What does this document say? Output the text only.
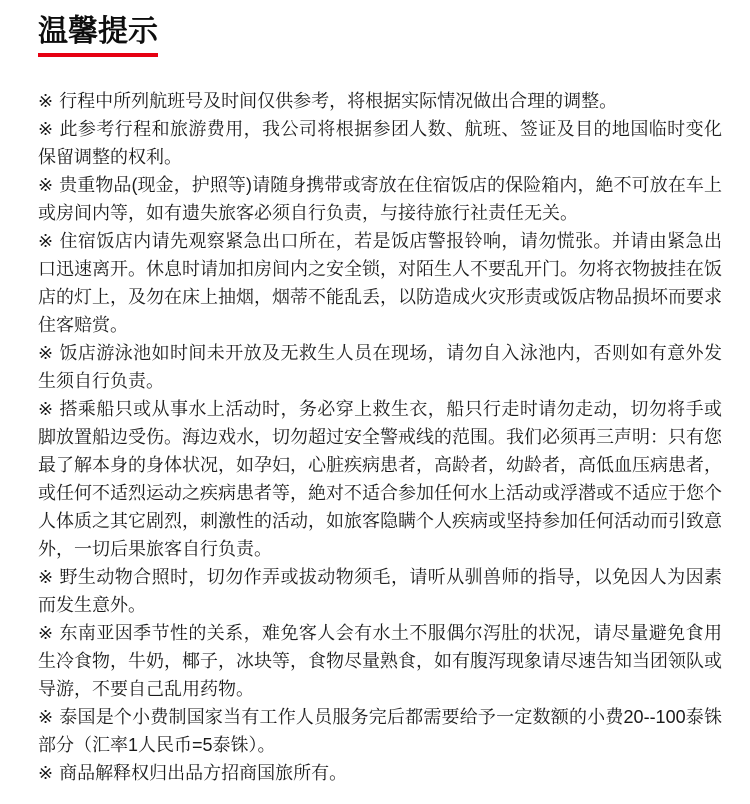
温馨提示

※ 行程中所列航班号及时间仅供参考，将根据实际情况做出合理的调整。

※ 此参考行程和旅游费用，我公司将根据参团人数、航班、签证及目的地国临时变化保留调整的权利。

※ 贵重物品(现金，护照等)请随身携带或寄放在住宿饭店的保险箱内，絶不可放在车上或房间内等，如有遗失旅客必须自行负责，与接待旅行社责任无关。

※ 住宿饭店内请先观察紧急出口所在，若是饭店警报铃响，请勿慌张。并请由紧急出口迅速离开。休息时请加扣房间内之安全锁，对陌生人不要乱开门。勿将衣物披挂在饭店的灯上，及勿在床上抽烟，烟蒂不能乱丢，以防造成火灾形责或饭店物品损坏而要求住客赔赏。

※ 饭店游泳池如时间未开放及无救生人员在现场，请勿自入泳池内，否则如有意外发生须自行负责。

※ 搭乘船只或从事水上活动时，务必穿上救生衣，船只行走时请勿走动，切勿将手或脚放置船边受伤。海边戏水，切勿超过安全警戒线的范围。我们必须再三声明：只有您最了解本身的身体状况，如孕妇，心脏疾病患者，高龄者，幼龄者，高低血压病患者，或任何不适烈运动之疾病患者等，絶对不适合参加任何水上活动或浮潜或不适应于您个人体质之其它剧烈，刺激性的活动，如旅客隐瞒个人疾病或坚持参加任何活动而引致意外，一切后果旅客自行负责。

※ 野生动物合照时，切勿作弄或拔动物须毛，请听从驯兽师的指导，以免因人为因素而发生意外。

※ 东南亚因季节性的关系，难免客人会有水土不服偶尔泻肚的状况，请尽量避免食用生冷食物，牛奶，椰子，冰块等，食物尽量熟食，如有腹泻现象请尽速告知当团领队或导游，不要自己乱用药物。

※ 泰国是个小费制国家当有工作人员服务完后都需要给予一定数额的小费20--100泰铢部分（汇率1人民币=5泰铢）。

※ 商品解释权归出品方招商国旅所有。
